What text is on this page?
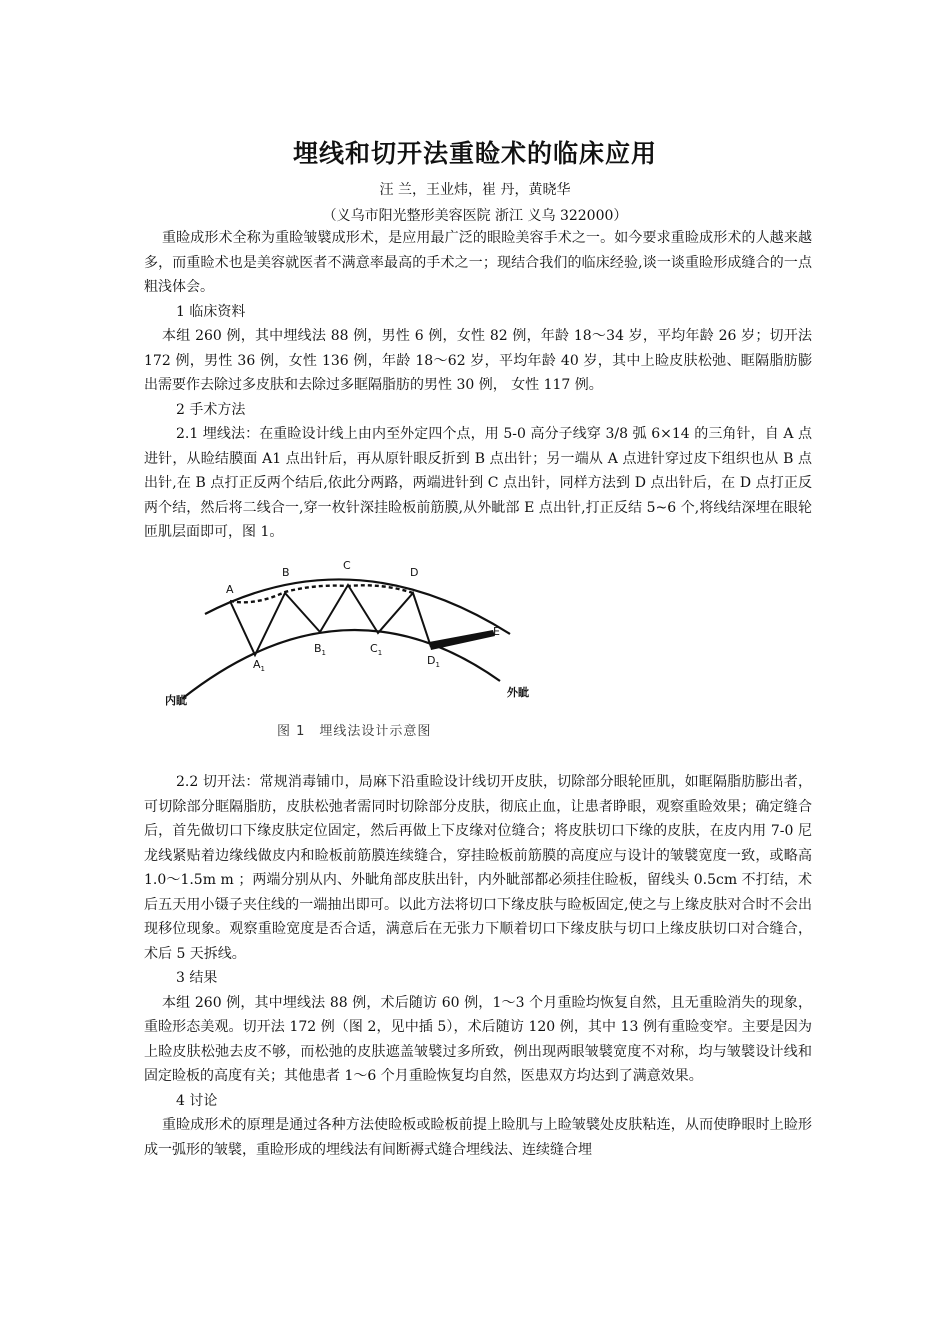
埋线和切开法重睑术的临床应用
汪 兰，王业炜，崔 丹，黄晓华
（义乌市阳光整形美容医院 浙江 义乌 322000）

重睑成形术全称为重睑皱襞成形术，是应用最广泛的眼睑美容手术之一。如今要求重睑成形术的人越来越多，而重睑术也是美容就医者不满意率最高的手术之一；现结合我们的临床经验,谈一谈重睑形成缝合的一点粗浅体会。

1 临床资料

本组 260 例，其中埋线法 88 例，男性 6 例，女性 82 例，年龄 18～34 岁，平均年龄 26 岁；切开法 172 例，男性 36 例，女性 136 例，年龄 18～62 岁，平均年龄 40 岁，其中上睑皮肤松弛、眶隔脂肪膨出需要作去除过多皮肤和去除过多眶隔脂肪的男性 30 例， 女性 117 例。

2 手术方法

2.1 埋线法：在重睑设计线上由内至外定四个点，用 5-0 高分子线穿 3/8 弧 6×14 的三角针，自 A 点进针，从睑结膜面 A1 点出针后，再从原针眼反折到 B 点出针；另一端从 A 点进针穿过皮下组织也从 B 点出针,在 B 点打正反两个结后,依此分两路，两端进针到 C 点出针，同样方法到 D 点出针后，在 D 点打正反两个结，然后将二线合一,穿一枚针深挂睑板前筋膜,从外眦部 E 点出针,打正反结 5~6 个,将线结深埋在眼轮匝肌层面即可，图 1。

A
B
C
D
E
$A_1$
$B_1$	$C_1$
$D_1$
内眦
外眦
图 1　埋线法设计示意图

2.2 切开法：常规消毒铺巾，局麻下沿重睑设计线切开皮肤，切除部分眼轮匝肌，如眶隔脂肪膨出者，可切除部分眶隔脂肪，皮肤松弛者需同时切除部分皮肤，彻底止血，让患者睁眼，观察重睑效果；确定缝合后，首先做切口下缘皮肤定位固定，然后再做上下皮缘对位缝合；将皮肤切口下缘的皮肤，在皮内用 7-0 尼龙线紧贴着边缘线做皮内和睑板前筋膜连续缝合，穿挂睑板前筋膜的高度应与设计的皱襞宽度一致，或略高 1.0～1.5m m ；两端分别从内、外眦角部皮肤出针，内外眦部都必须挂住睑板，留线头 0.5cm 不打结，术后五天用小镊子夹住线的一端抽出即可。以此方法将切口下缘皮肤与睑板固定,使之与上缘皮肤对合时不会出现移位现象。观察重睑宽度是否合适，满意后在无张力下顺着切口下缘皮肤与切口上缘皮肤切口对合缝合，术后 5 天拆线。

3 结果

本组 260 例，其中埋线法 88 例，术后随访 60 例，1～3 个月重睑均恢复自然，且无重睑消失的现象，重睑形态美观。切开法 172 例（图 2，见中插 5），术后随访 120 例，其中 13 例有重睑变窄。主要是因为上睑皮肤松弛去皮不够，而松弛的皮肤遮盖皱襞过多所致，例出现两眼皱襞宽度不对称，均与皱襞设计线和固定睑板的高度有关；其他患者 1～6 个月重睑恢复均自然，医患双方均达到了满意效果。

4 讨论

重睑成形术的原理是通过各种方法使睑板或睑板前提上睑肌与上睑皱襞处皮肤粘连，从而使睁眼时上睑形成一弧形的皱襞，重睑形成的埋线法有间断褥式缝合埋线法、连续缝合埋
